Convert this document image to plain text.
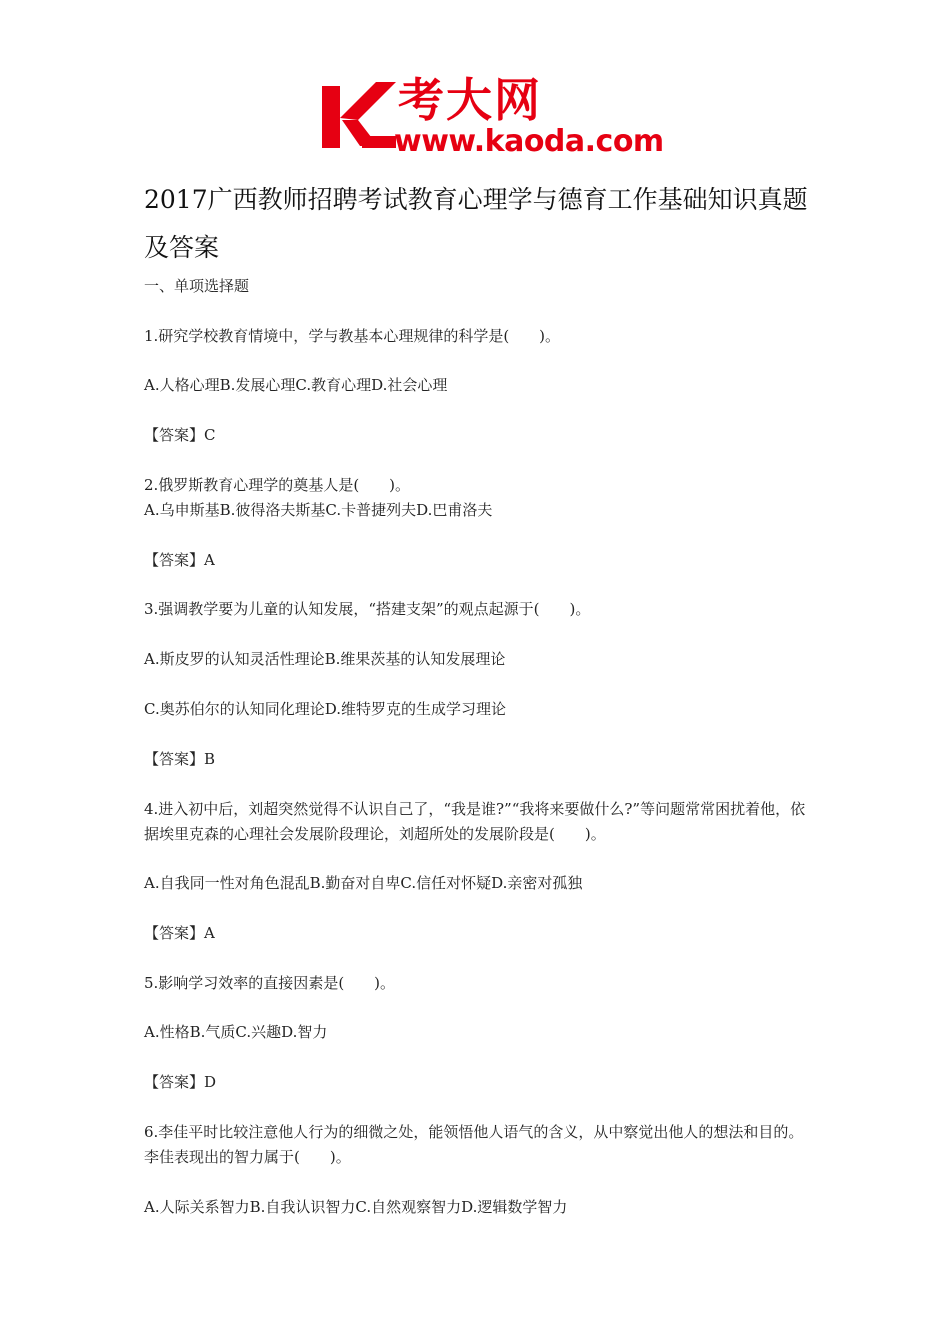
考大网
www.kaoda.com
2017广西教师招聘考试教育心理学与德育工作基础知识真题及答案
一、单项选择题
1.研究学校教育情境中，学与教基本心理规律的科学是(　　)。
A.人格心理B.发展心理C.教育心理D.社会心理
【答案】C
2.俄罗斯教育心理学的奠基人是(　　)。
A.乌申斯基B.彼得洛夫斯基C.卡普捷列夫D.巴甫洛夫
【答案】A
3.强调教学要为儿童的认知发展，“搭建支架”的观点起源于(　　)。
A.斯皮罗的认知灵活性理论B.维果茨基的认知发展理论
C.奥苏伯尔的认知同化理论D.维特罗克的生成学习理论
【答案】B
4.进入初中后，刘超突然觉得不认识自己了，“我是谁?”“我将来要做什么?”等问题常常困扰着他，依据埃里克森的心理社会发展阶段理论，刘超所处的发展阶段是(　　)。
A.自我同一性对角色混乱B.勤奋对自卑C.信任对怀疑D.亲密对孤独
【答案】A
5.影响学习效率的直接因素是(　　)。
A.性格B.气质C.兴趣D.智力
【答案】D
6.李佳平时比较注意他人行为的细微之处，能领悟他人语气的含义，从中察觉出他人的想法和目的。李佳表现出的智力属于(　　)。
A.人际关系智力B.自我认识智力C.自然观察智力D.逻辑数学智力
